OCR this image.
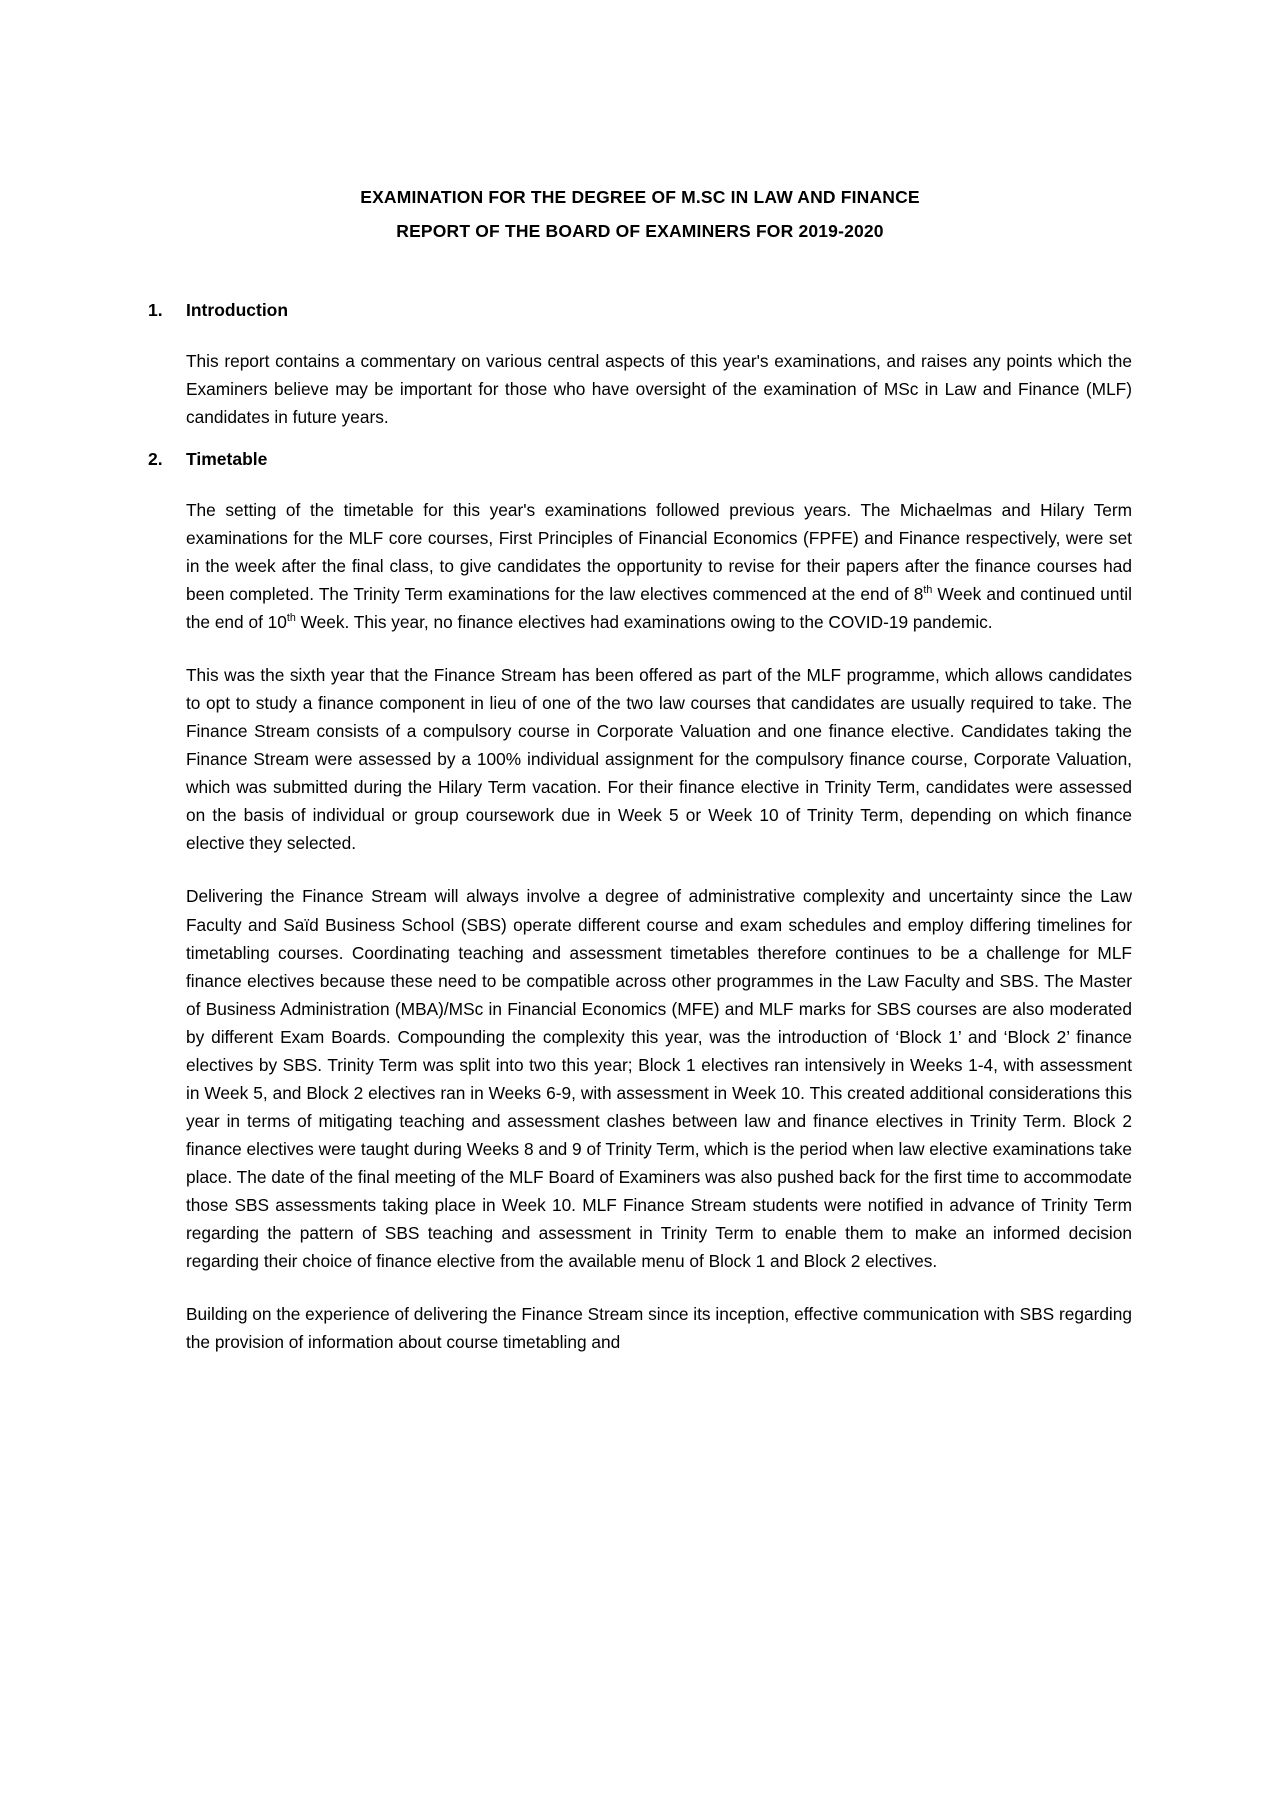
EXAMINATION FOR THE DEGREE OF M.SC IN LAW AND FINANCE
REPORT OF THE BOARD OF EXAMINERS FOR 2019-2020
1.	Introduction

This report contains a commentary on various central aspects of this year's examinations, and raises any points which the Examiners believe may be important for those who have oversight of the examination of MSc in Law and Finance (MLF) candidates in future years.

2.	Timetable

The setting of the timetable for this year's examinations followed previous years. The Michaelmas and Hilary Term examinations for the MLF core courses, First Principles of Financial Economics (FPFE) and Finance respectively, were set in the week after the final class, to give candidates the opportunity to revise for their papers after the finance courses had been completed. The Trinity Term examinations for the law electives commenced at the end of 8th Week and continued until the end of 10th Week. This year, no finance electives had examinations owing to the COVID-19 pandemic.

This was the sixth year that the Finance Stream has been offered as part of the MLF programme, which allows candidates to opt to study a finance component in lieu of one of the two law courses that candidates are usually required to take. The Finance Stream consists of a compulsory course in Corporate Valuation and one finance elective. Candidates taking the Finance Stream were assessed by a 100% individual assignment for the compulsory finance course, Corporate Valuation, which was submitted during the Hilary Term vacation. For their finance elective in Trinity Term, candidates were assessed on the basis of individual or group coursework due in Week 5 or Week 10 of Trinity Term, depending on which finance elective they selected.

Delivering the Finance Stream will always involve a degree of administrative complexity and uncertainty since the Law Faculty and Saïd Business School (SBS) operate different course and exam schedules and employ differing timelines for timetabling courses. Coordinating teaching and assessment timetables therefore continues to be a challenge for MLF finance electives because these need to be compatible across other programmes in the Law Faculty and SBS. The Master of Business Administration (MBA)/MSc in Financial Economics (MFE) and MLF marks for SBS courses are also moderated by different Exam Boards. Compounding the complexity this year, was the introduction of ‘Block 1’ and ‘Block 2’ finance electives by SBS. Trinity Term was split into two this year; Block 1 electives ran intensively in Weeks 1-4, with assessment in Week 5, and Block 2 electives ran in Weeks 6-9, with assessment in Week 10. This created additional considerations this year in terms of mitigating teaching and assessment clashes between law and finance electives in Trinity Term. Block 2 finance electives were taught during Weeks 8 and 9 of Trinity Term, which is the period when law elective examinations take place. The date of the final meeting of the MLF Board of Examiners was also pushed back for the first time to accommodate those SBS assessments taking place in Week 10. MLF Finance Stream students were notified in advance of Trinity Term regarding the pattern of SBS teaching and assessment in Trinity Term to enable them to make an informed decision regarding their choice of finance elective from the available menu of Block 1 and Block 2 electives.

Building on the experience of delivering the Finance Stream since its inception, effective communication with SBS regarding the provision of information about course timetabling and
